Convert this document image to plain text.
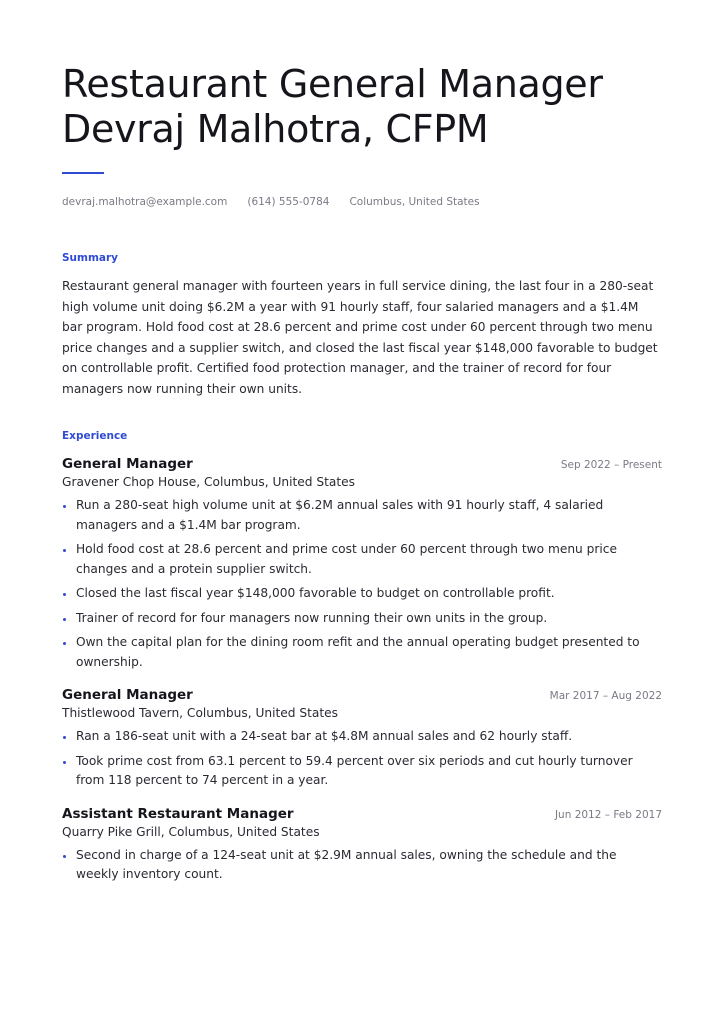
Restaurant General Manager
Devraj Malhotra, CFPM
devraj.malhotra@example.com (614) 555-0784 Columbus, United States
Summary
Restaurant general manager with fourteen years in full service dining, the last four in a 280-seat high volume unit doing $6.2M a year with 91 hourly staff, four salaried managers and a $1.4M bar program. Hold food cost at 28.6 percent and prime cost under 60 percent through two menu price changes and a supplier switch, and closed the last fiscal year $148,000 favorable to budget on controllable profit. Certified food protection manager, and the trainer of record for four managers now running their own units.
Experience
General Manager	Sep 2022 – Present
Gravener Chop House, Columbus, United States
Run a 280-seat high volume unit at $6.2M annual sales with 91 hourly staff, 4 salaried managers and a $1.4M bar program.
Hold food cost at 28.6 percent and prime cost under 60 percent through two menu price changes and a protein supplier switch.
Closed the last fiscal year $148,000 favorable to budget on controllable profit.
Trainer of record for four managers now running their own units in the group.
Own the capital plan for the dining room refit and the annual operating budget presented to ownership.
General Manager	Mar 2017 – Aug 2022
Thistlewood Tavern, Columbus, United States
Ran a 186-seat unit with a 24-seat bar at $4.8M annual sales and 62 hourly staff.
Took prime cost from 63.1 percent to 59.4 percent over six periods and cut hourly turnover from 118 percent to 74 percent in a year.
Assistant Restaurant Manager	Jun 2012 – Feb 2017
Quarry Pike Grill, Columbus, United States
Second in charge of a 124-seat unit at $2.9M annual sales, owning the schedule and the weekly inventory count.
